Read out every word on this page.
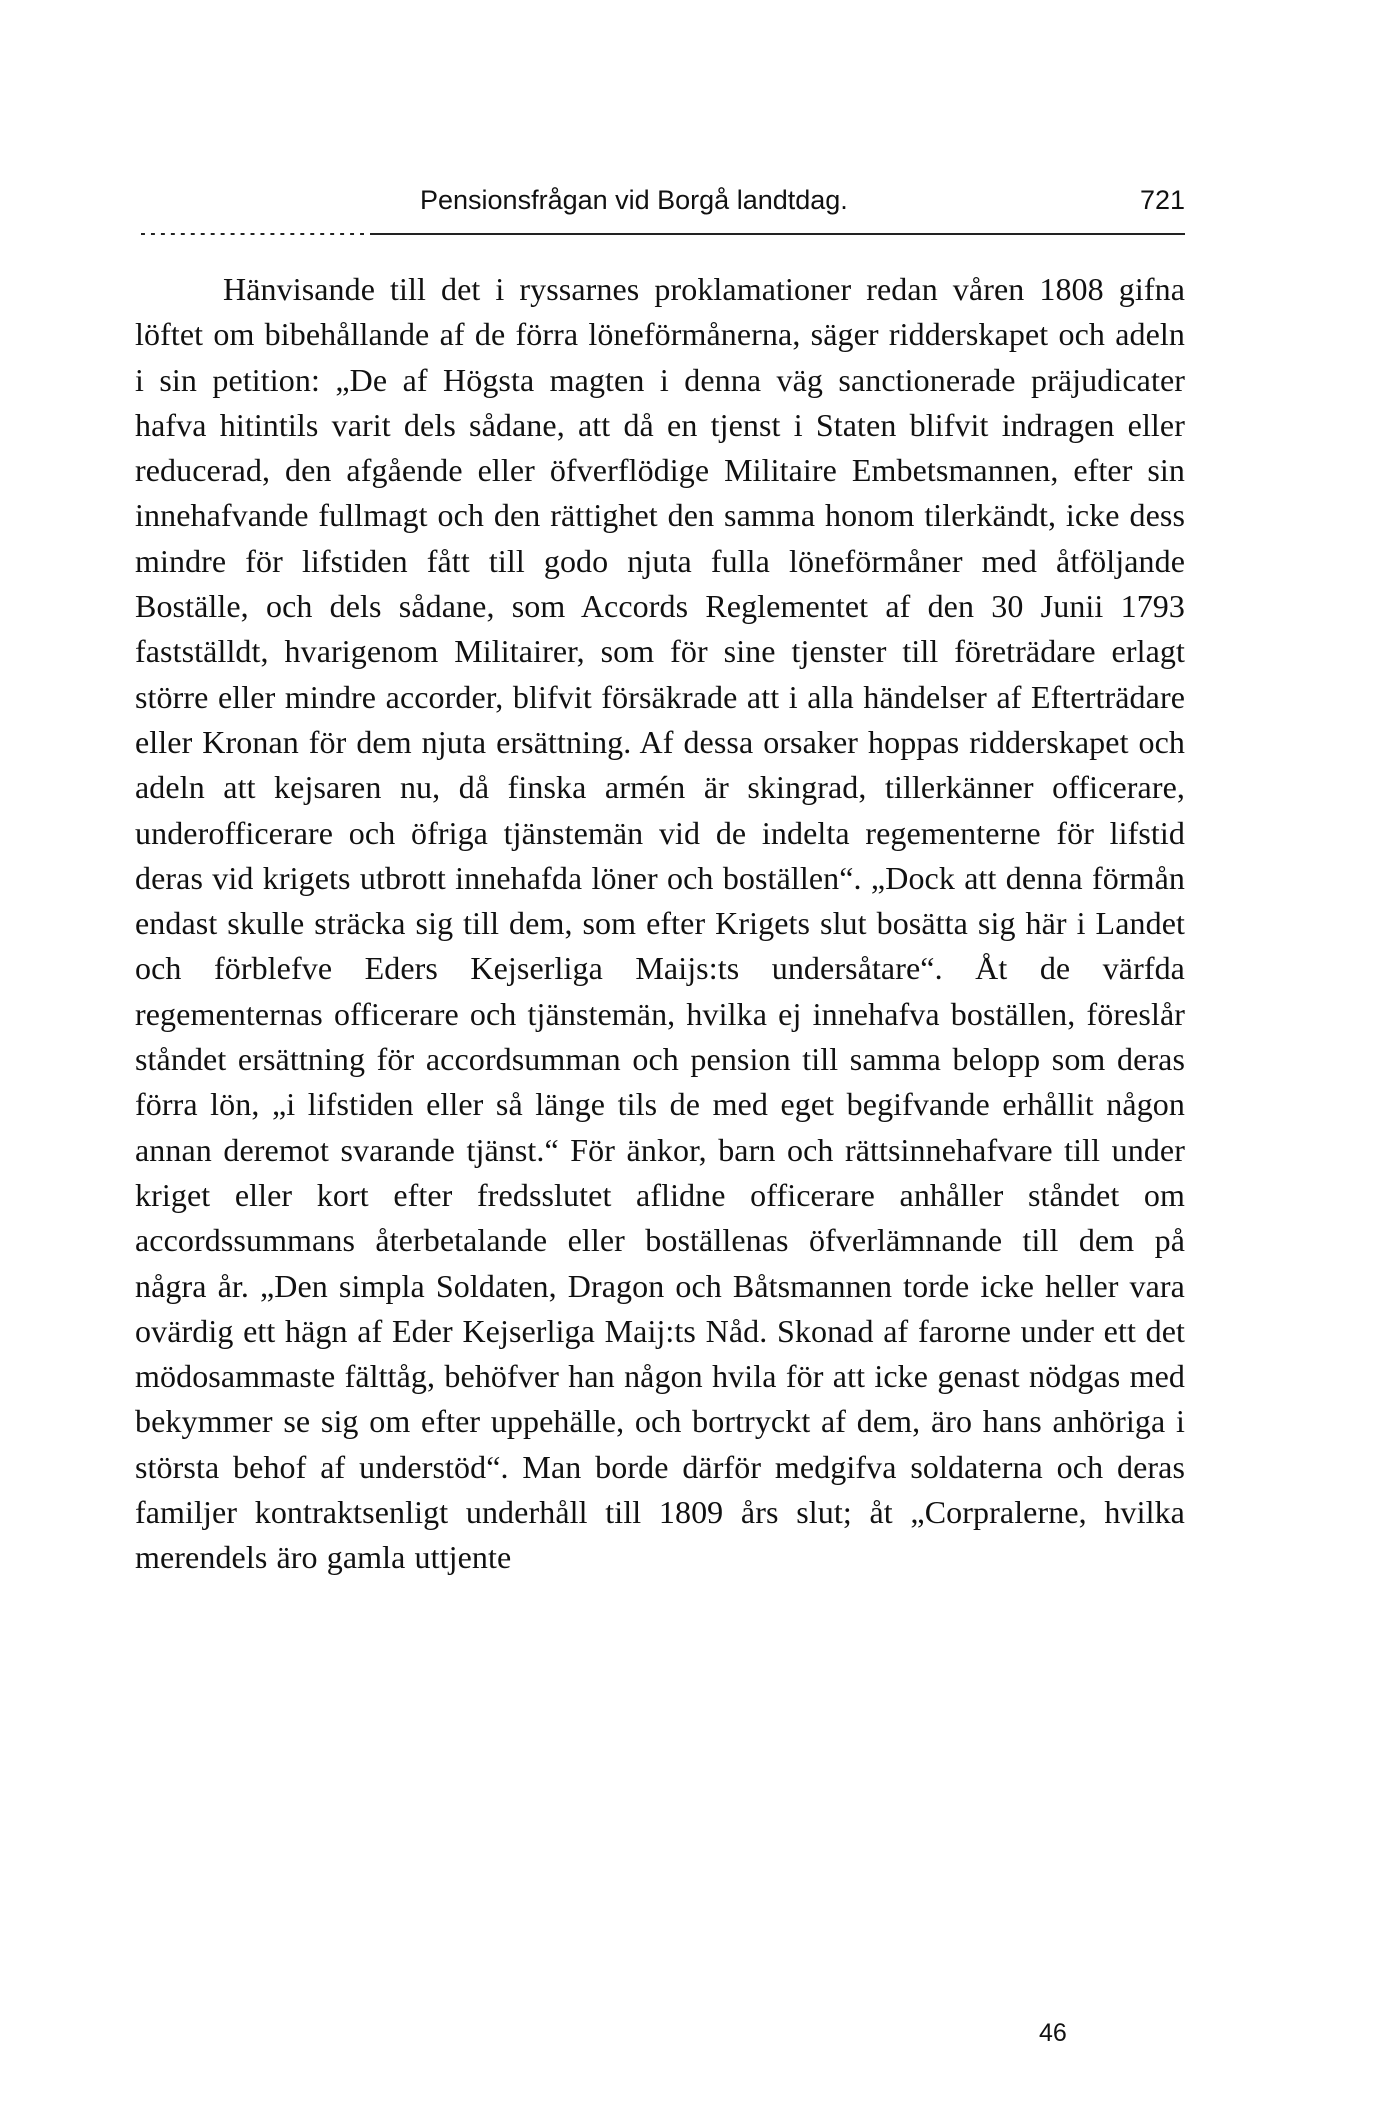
Pensionsfrågan vid Borgå landtdag.	721

Hänvisande till det i ryssarnes proklamationer redan våren 1808 gifna löftet om bibehållande af de förra löneförmånerna, säger ridderskapet och adeln i sin petition: „De af Högsta magten i denna väg sanctionerade präjudicater hafva hitintils varit dels sådane, att då en tjenst i Staten blifvit indragen eller reducerad, den afgående eller öfverflödige Militaire Embetsmannen, efter sin innehafvande fullmagt och den rättighet den samma honom tilerkändt, icke dess mindre för lifstiden fått till godo njuta fulla löneförmåner med åtföljande Boställe, och dels sådane, som Accords Reglementet af den 30 Junii 1793 fastställdt, hvarigenom Militairer, som för sine tjenster till företrädare erlagt större eller mindre accorder, blifvit försäkrade att i alla händelser af Efterträdare eller Kronan för dem njuta ersättning. Af dessa orsaker hoppas ridderskapet och adeln att kejsaren nu, då finska armén är skingrad, tillerkänner officerare, underofficerare och öfriga tjänstemän vid de indelta regementerne för lifstid deras vid krigets utbrott innehafda löner och boställen“. „Dock att denna förmån endast skulle sträcka sig till dem, som efter Krigets slut bosätta sig här i Landet och förblefve Eders Kejserliga Maijs:ts undersåtare“. Åt de värfda regementernas officerare och tjänstemän, hvilka ej innehafva boställen, föreslår ståndet ersättning för accordsumman och pension till samma belopp som deras förra lön, „i lifstiden eller så länge tils de med eget begifvande erhållit någon annan deremot svarande tjänst.“ För änkor, barn och rättsinnehafvare till under kriget eller kort efter fredsslutet aflidne officerare anhåller ståndet om accordssummans återbetalande eller boställenas öfverlämnande till dem på några år. „Den simpla Soldaten, Dragon och Båtsmannen torde icke heller vara ovärdig ett hägn af Eder Kejserliga Maij:ts Nåd. Skonad af farorne under ett det mödosammaste fälttåg, behöfver han någon hvila för att icke genast nödgas med bekymmer se sig om efter uppehälle, och bortryckt af dem, äro hans anhöriga i största behof af understöd“. Man borde därför medgifva soldaterna och deras familjer kontraktsenligt underhåll till 1809 års slut; åt „Corpralerne, hvilka merendels äro gamla uttjente

46
